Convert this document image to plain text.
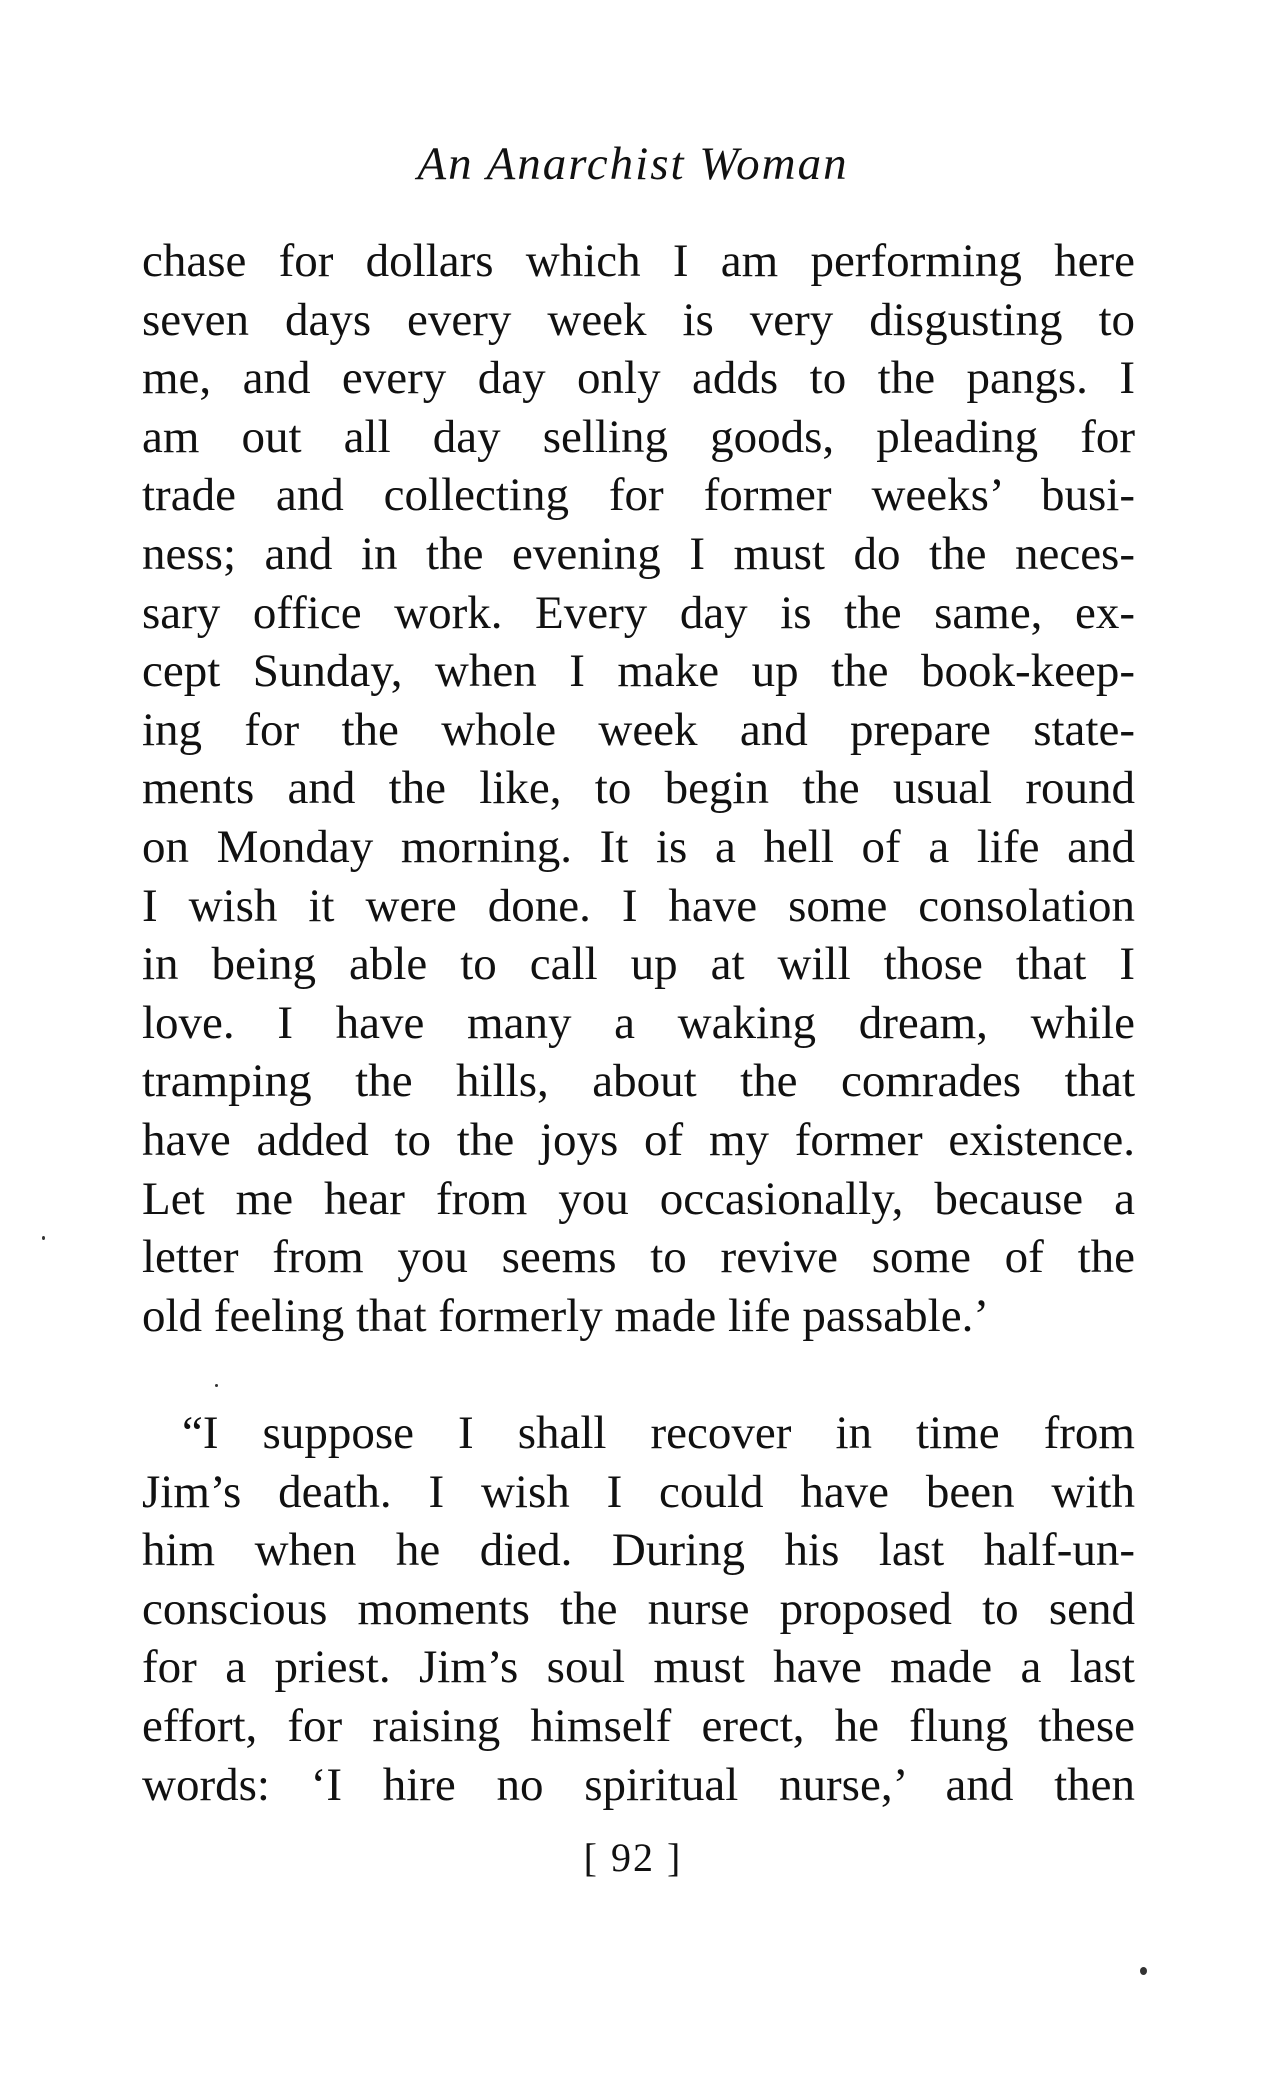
An Anarchist Woman
chase for dollars which I am performing here
seven days every week is very disgusting to
me, and every day only adds to the pangs. I
am out all day selling goods, pleading for
trade and collecting for former weeks’ busi-
ness; and in the evening I must do the neces-
sary office work. Every day is the same, ex-
cept Sunday, when I make up the book-keep-
ing for the whole week and prepare state-
ments and the like, to begin the usual round
on Monday morning. It is a hell of a life and
I wish it were done. I have some consolation
in being able to call up at will those that I
love. I have many a waking dream, while
tramping the hills, about the comrades that
have added to the joys of my former existence.
Let me hear from you occasionally, because a
letter from you seems to revive some of the
old feeling that formerly made life passable.’
“I suppose I shall recover in time from
Jim’s death. I wish I could have been with
him when he died. During his last half-un-
conscious moments the nurse proposed to send
for a priest. Jim’s soul must have made a last
effort, for raising himself erect, he flung these
words: ‘I hire no spiritual nurse,’ and then
[ 92 ]
